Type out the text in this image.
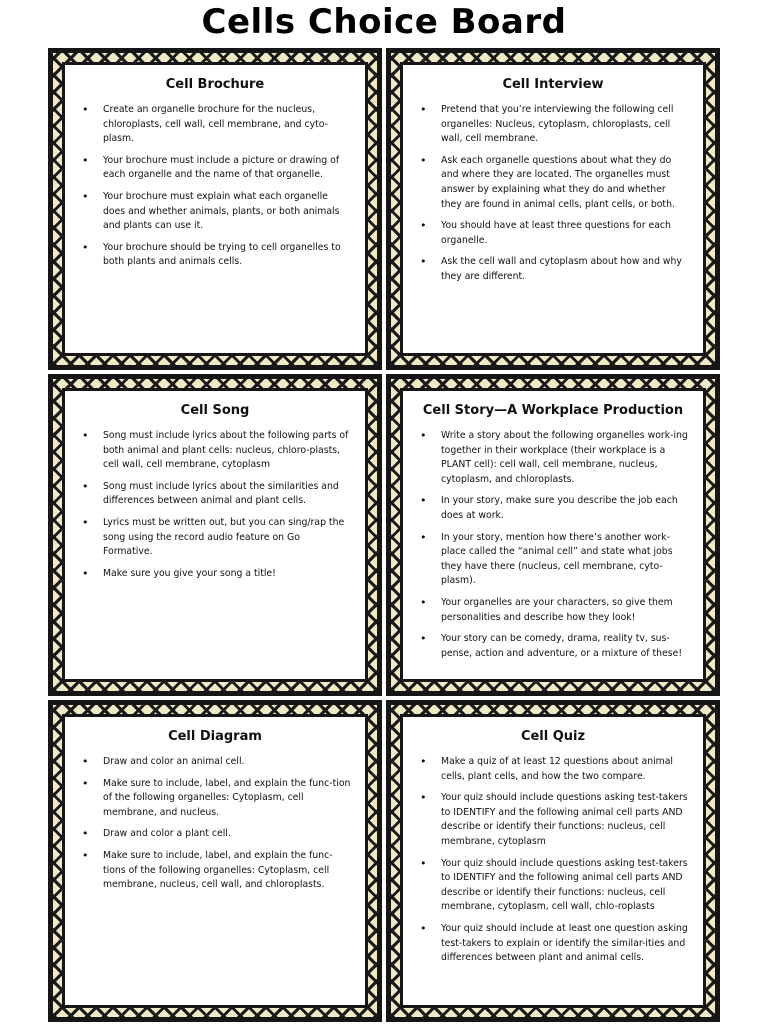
Cells Choice Board
Cell Brochure
• Create an organelle brochure for the nucleus, chloroplasts, cell wall, cell membrane, and cyto-plasm.
• Your brochure must include a picture or drawing of each organelle and the name of that organelle.
• Your brochure must explain what each organelle does and whether animals, plants, or both animals and plants can use it.
• Your brochure should be trying to cell organelles to both plants and animals cells.
Cell Interview
• Pretend that you’re interviewing the following cell organelles: Nucleus, cytoplasm, chloroplasts, cell wall, cell membrane.
• Ask each organelle questions about what they do and where they are located. The organelles must answer by explaining what they do and whether they are found in animal cells, plant cells, or both.
• You should have at least three questions for each organelle.
• Ask the cell wall and cytoplasm about how and why they are different.
Cell Song
• Song must include lyrics about the following parts of both animal and plant cells: nucleus, chloro-plasts, cell wall, cell membrane, cytoplasm
• Song must include lyrics about the similarities and differences between animal and plant cells.
• Lyrics must be written out, but you can sing/rap the song using the record audio feature on Go Formative.
• Make sure you give your song a title!
Cell Story—A Workplace Production
• Write a story about the following organelles work-ing together in their workplace (their workplace is a PLANT cell): cell wall, cell membrane, nucleus, cytoplasm, and chloroplasts.
• In your story, make sure you describe the job each does at work.
• In your story, mention how there’s another work-place called the “animal cell” and state what jobs they have there (nucleus, cell membrane, cyto-plasm).
• Your organelles are your characters, so give them personalities and describe how they look!
• Your story can be comedy, drama, reality tv, sus-pense, action and adventure, or a mixture of these!
Cell Diagram
• Draw and color an animal cell.
• Make sure to include, label, and explain the func-tion of the following organelles: Cytoplasm, cell membrane, and nucleus.
• Draw and color a plant cell.
• Make sure to include, label, and explain the func-tions of the following organelles: Cytoplasm, cell membrane, nucleus, cell wall, and chloroplasts.
Cell Quiz
• Make a quiz of at least 12 questions about animal cells, plant cells, and how the two compare.
• Your quiz should include questions asking test-takers to IDENTIFY and the following animal cell parts AND describe or identify their functions: nucleus, cell membrane, cytoplasm
• Your quiz should include questions asking test-takers to IDENTIFY and the following animal cell parts AND describe or identify their functions: nucleus, cell membrane, cytoplasm, cell wall, chlo-roplasts
• Your quiz should include at least one question asking test-takers to explain or identify the similar-ities and differences between plant and animal cells.
